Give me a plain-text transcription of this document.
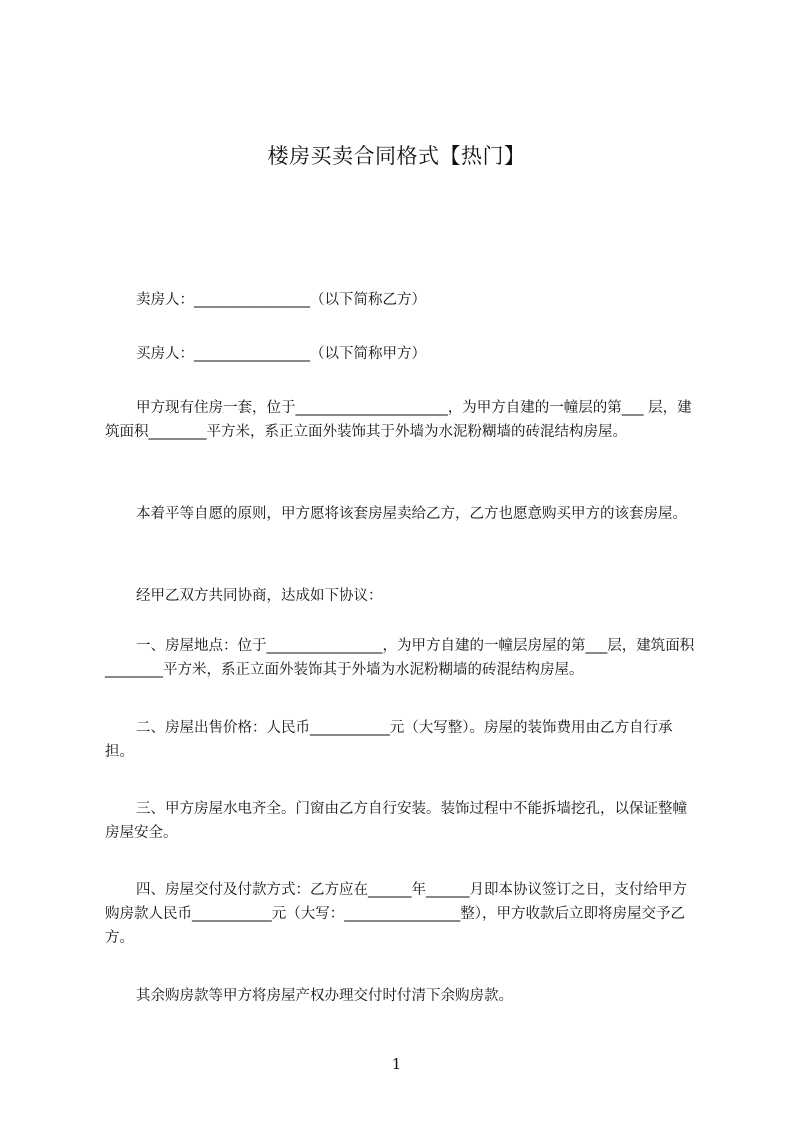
楼房买卖合同格式【热门】

卖房人：________________（以下简称乙方）

买房人：________________（以下简称甲方）

甲方现有住房一套，位于_____________________，为甲方自建的一幢层的第___ 层，建筑面积________平方米，系正立面外装饰其于外墙为水泥粉糊墙的砖混结构房屋。

本着平等自愿的原则，甲方愿将该套房屋卖给乙方，乙方也愿意购买甲方的该套房屋。

经甲乙双方共同协商，达成如下协议：

一、房屋地点：位于________________，为甲方自建的一幢层房屋的第___层，建筑面积________平方米，系正立面外装饰其于外墙为水泥粉糊墙的砖混结构房屋。

二、房屋出售价格：人民币___________元（大写整）。房屋的装饰费用由乙方自行承担。

三、甲方房屋水电齐全。门窗由乙方自行安装。装饰过程中不能拆墙挖孔，以保证整幢房屋安全。

四、房屋交付及付款方式：乙方应在______年______月即本协议签订之日，支付给甲方购房款人民币___________元（大写：________________整），甲方收款后立即将房屋交予乙方。

其余购房款等甲方将房屋产权办理交付时付清下余购房款。

1
